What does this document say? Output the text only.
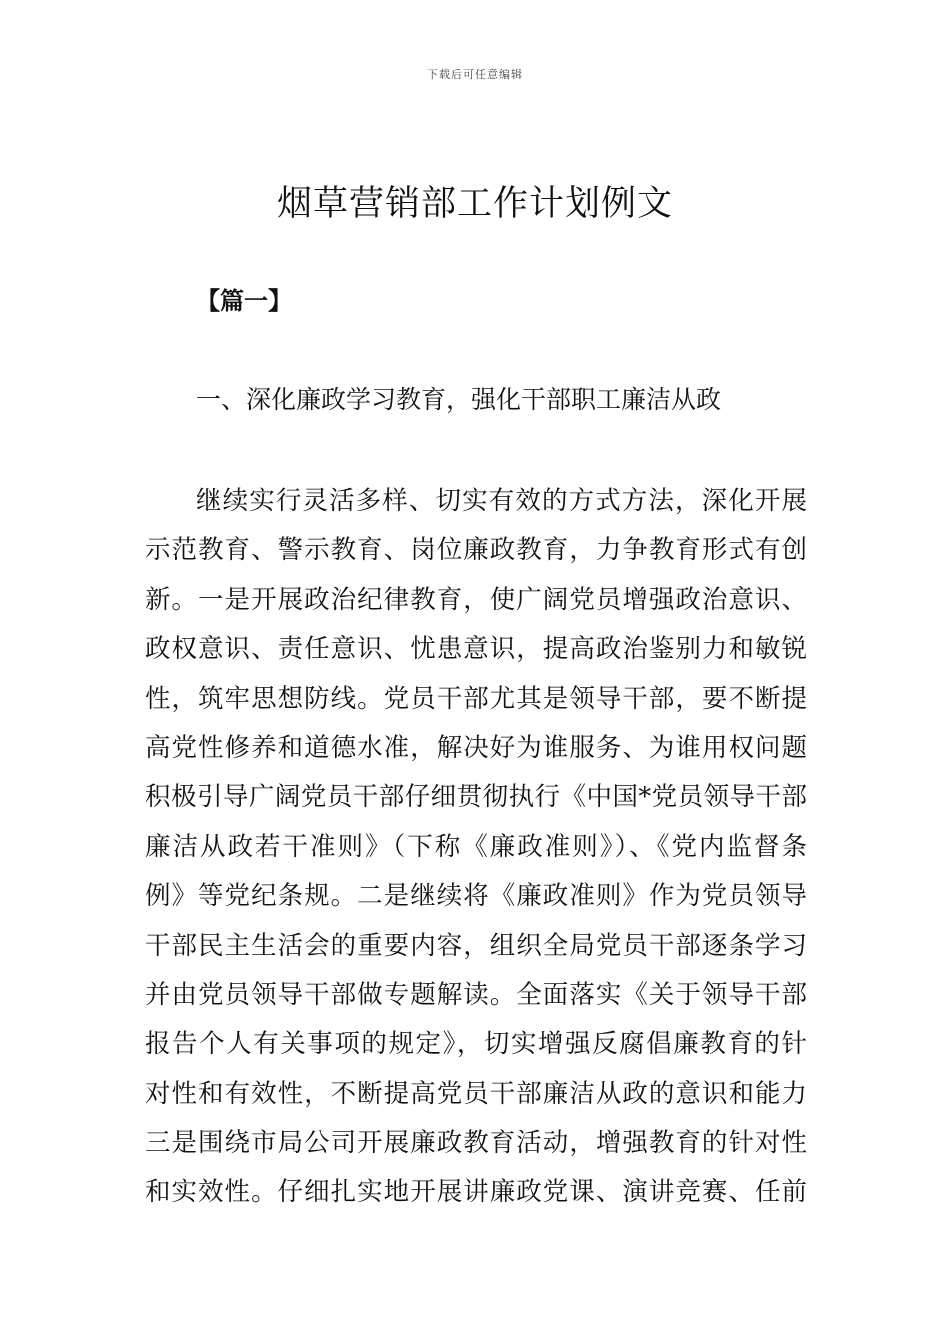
下载后可任意编辑
烟草营销部工作计划例文
【篇一】
一、深化廉政学习教育，强化干部职工廉洁从政
继续实行灵活多样、切实有效的方式方法，深化开展
示范教育、警示教育、岗位廉政教育，力争教育形式有创
新。一是开展政治纪律教育，使广阔党员增强政治意识、
政权意识、责任意识、忧患意识，提高政治鉴别力和敏锐
性，筑牢思想防线。党员干部尤其是领导干部，要不断提
高党性修养和道德水准，解决好为谁服务、为谁用权问题
积极引导广阔党员干部仔细贯彻执行《中国*党员领导干部
廉洁从政若干准则》（下称《廉政准则》）、《党内监督条
例》等党纪条规。二是继续将《廉政准则》作为党员领导
干部民主生活会的重要内容，组织全局党员干部逐条学习
并由党员领导干部做专题解读。全面落实《关于领导干部
报告个人有关事项的规定》，切实增强反腐倡廉教育的针
对性和有效性，不断提高党员干部廉洁从政的意识和能力
三是围绕市局公司开展廉政教育活动，增强教育的针对性
和实效性。仔细扎实地开展讲廉政党课、演讲竞赛、任前
